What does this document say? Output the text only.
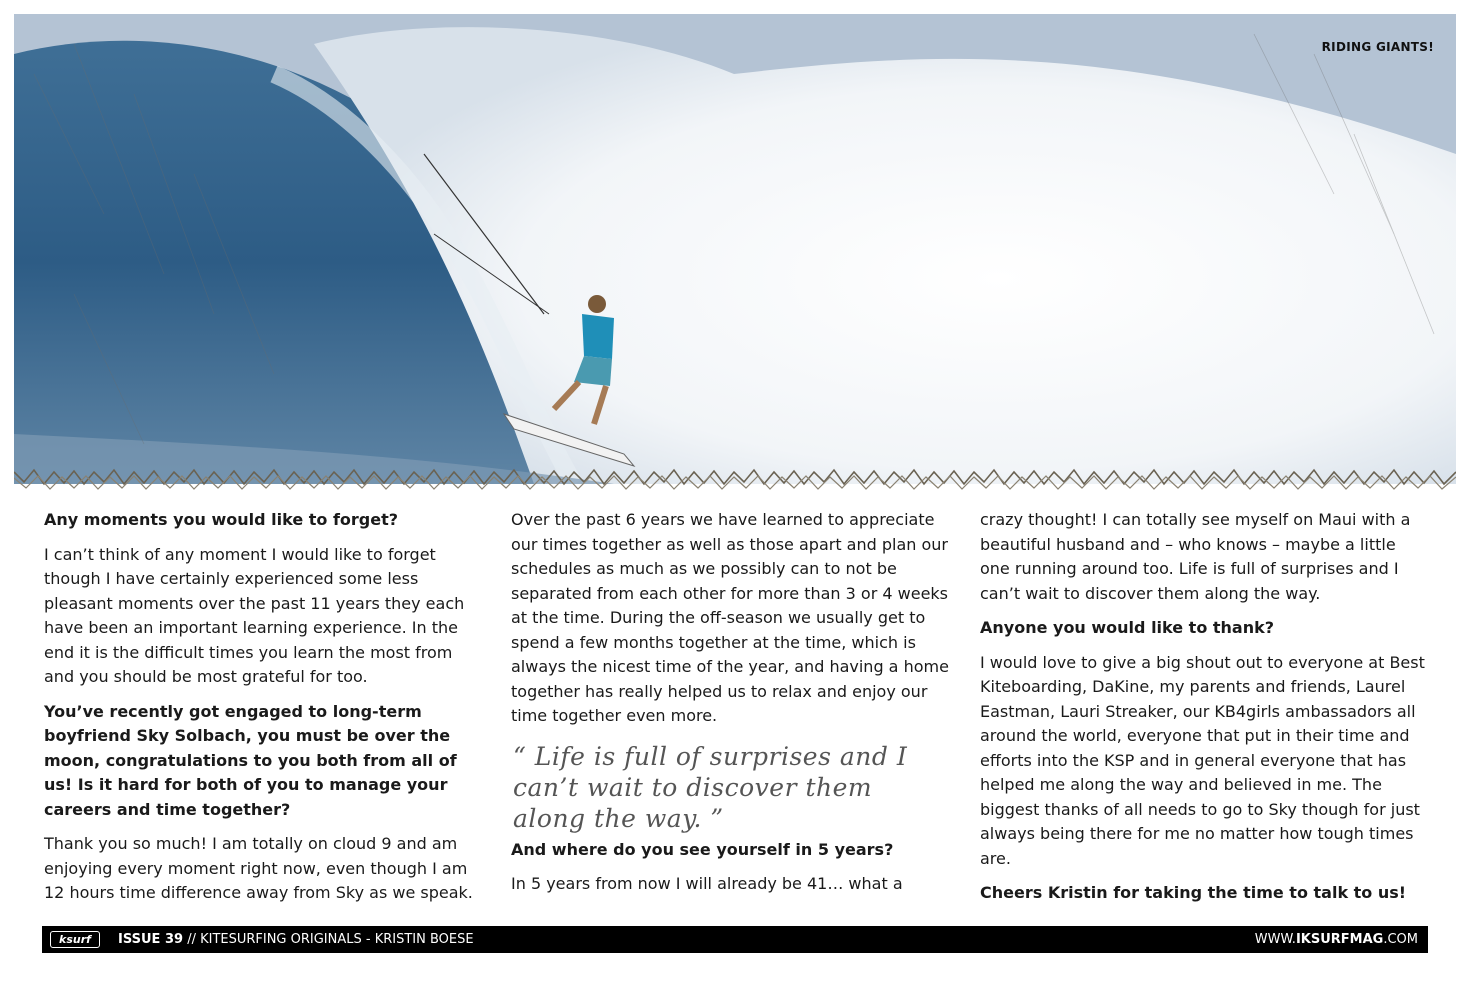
RIDING GIANTS!

Any moments you would like to forget?

I can’t think of any moment I would like to forget though I have certainly experienced some less pleasant moments over the past 11 years they each have been an important learning experience. In the end it is the difficult times you learn the most from and you should be most grateful for too.

You’ve recently got engaged to long-term boyfriend Sky Solbach, you must be over the moon, congratulations to you both from all of us! Is it hard for both of you to manage your careers and time together?

Thank you so much! I am totally on cloud 9 and am enjoying every moment right now, even though I am 12 hours time difference away from Sky as we speak.

Over the past 6 years we have learned to appreciate our times together as well as those apart and plan our schedules as much as we possibly can to not be separated from each other for more than 3 or 4 weeks at the time. During the off-season we usually get to spend a few months together at the time, which is always the nicest time of the year, and having a home together has really helped us to relax and enjoy our time together even more.

“ Life is full of surprises and I can’t wait to discover them along the way. ”

And where do you see yourself in 5 years?

In 5 years from now I will already be 41… what a

crazy thought! I can totally see myself on Maui with a beautiful husband and – who knows – maybe a little one running around too. Life is full of surprises and I can’t wait to discover them along the way.

Anyone you would like to thank?

I would love to give a big shout out to everyone at Best Kiteboarding, DaKine, my parents and friends, Laurel Eastman, Lauri Streaker, our KB4girls ambassadors all around the world, everyone that put in their time and efforts into the KSP and in general everyone that has helped me along the way and believed in me. The biggest thanks of all needs to go to Sky though for just always being there for me no matter how tough times are.

Cheers Kristin for taking the time to talk to us!

ksurf	ISSUE 39 // KITESURFING ORIGINALS - KRISTIN BOESE	WWW.IKSURFMAG.COM
